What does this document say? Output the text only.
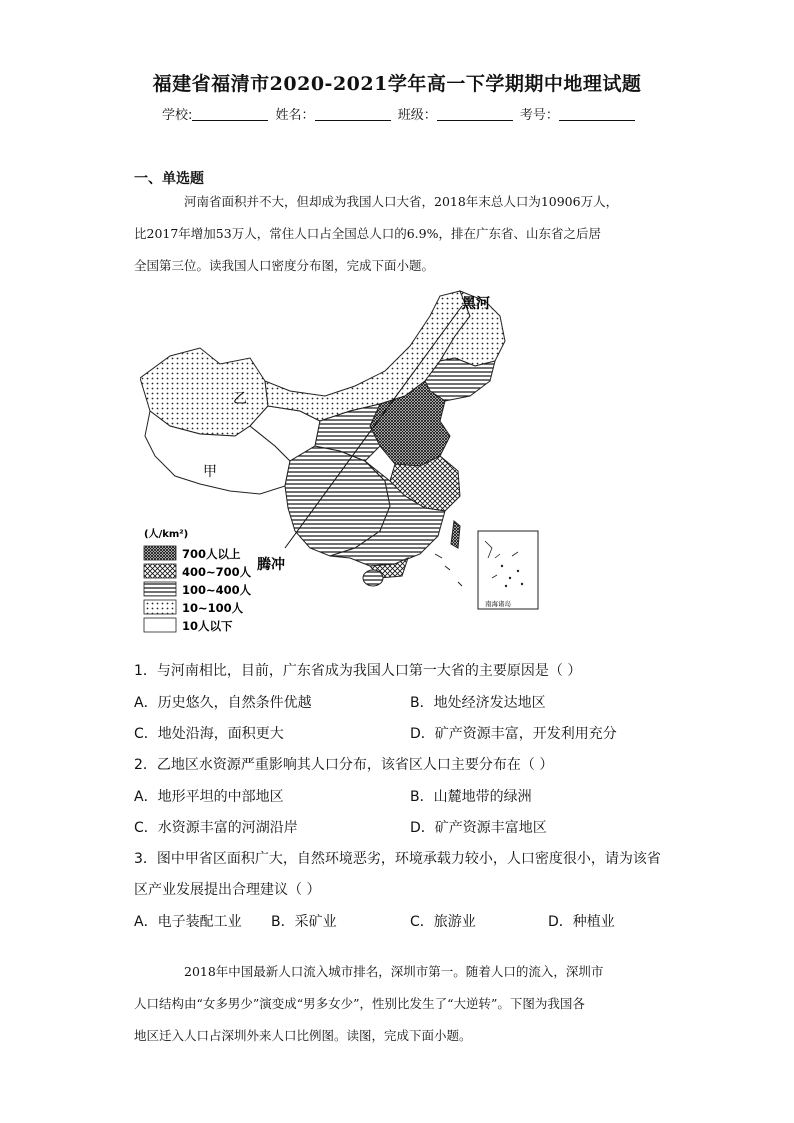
福建省福清市2020-2021学年高一下学期期中地理试题
学校:	姓名：	班级：	考号：
一、单选题

河南省面积并不大，但却成为我国人口大省，2018年末总人口为10906万人，

比2017年增加53万人，常住人口占全国总人口的6.9%，排在广东省、山东省之后居

全国第三位。读我国人口密度分布图，完成下面小题。

黑河
乙
甲
腾冲
南海诸岛
(人/km²)
700人以上
400~700人
100~400人
10~100人
10人以下
1．与河南相比，目前，广东省成为我国人口第一大省的主要原因是（ ）
A．历史悠久，自然条件优越	B．地处经济发达地区
C．地处沿海，面积更大	D．矿产资源丰富，开发利用充分
2．乙地区水资源严重影响其人口分布，该省区人口主要分布在（ ）
A．地形平坦的中部地区	B．山麓地带的绿洲
C．水资源丰富的河湖沿岸	D．矿产资源丰富地区
3．图中甲省区面积广大，自然环境恶劣，环境承载力较小，人口密度很小，请为该省
区产业发展提出合理建议（ ）
A．电子装配工业 B．采矿业	C．旅游业	D．种植业

2018年中国最新人口流入城市排名，深圳市第一。随着人口的流入，深圳市

人口结构由“女多男少”演变成“男多女少”，性别比发生了“大逆转”。下图为我国各

地区迁入人口占深圳外来人口比例图。读图，完成下面小题。
